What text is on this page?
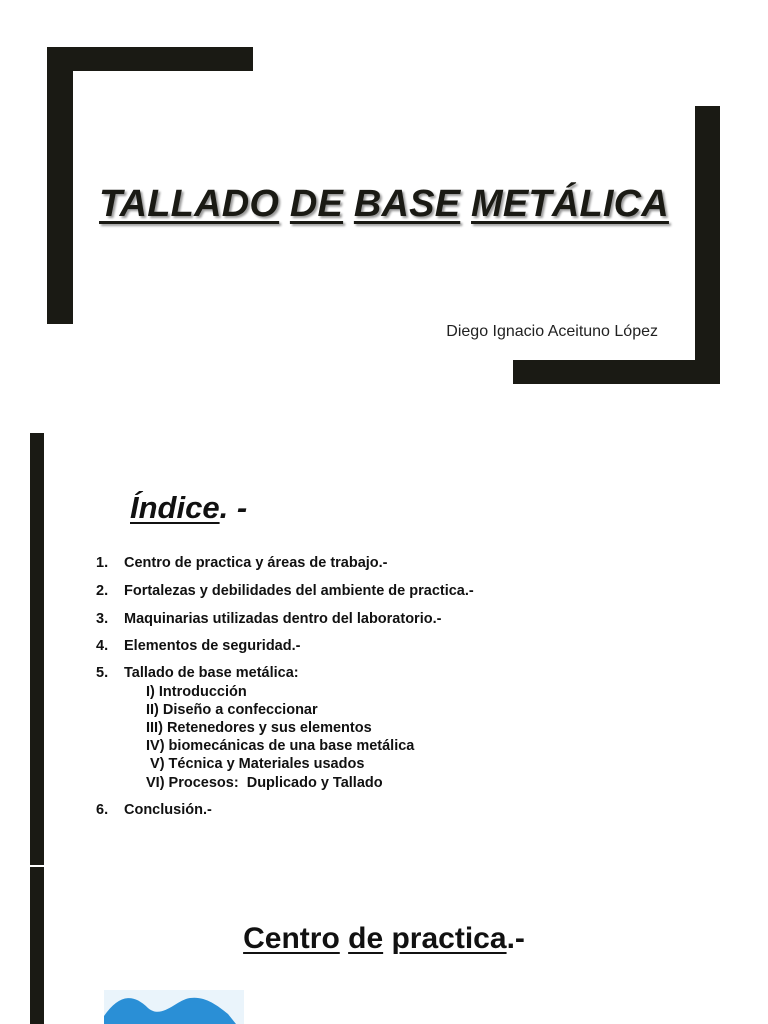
TALLADO DE BASE METÁLICA
Diego Ignacio Aceituno López
Índice. -
1. Centro de practica y áreas de trabajo.-
2. Fortalezas y debilidades del ambiente de practica.-
3. Maquinarias utilizadas dentro del laboratorio.-
4. Elementos de seguridad.-
5. Tallado de base metálica:
I) Introducción
II) Diseño a confeccionar
III) Retenedores y sus elementos
IV) biomecánicas de una base metálica
V) Técnica y Materiales usados
VI) Procesos:  Duplicado y Tallado
6. Conclusión.-
Centro de practica.-
